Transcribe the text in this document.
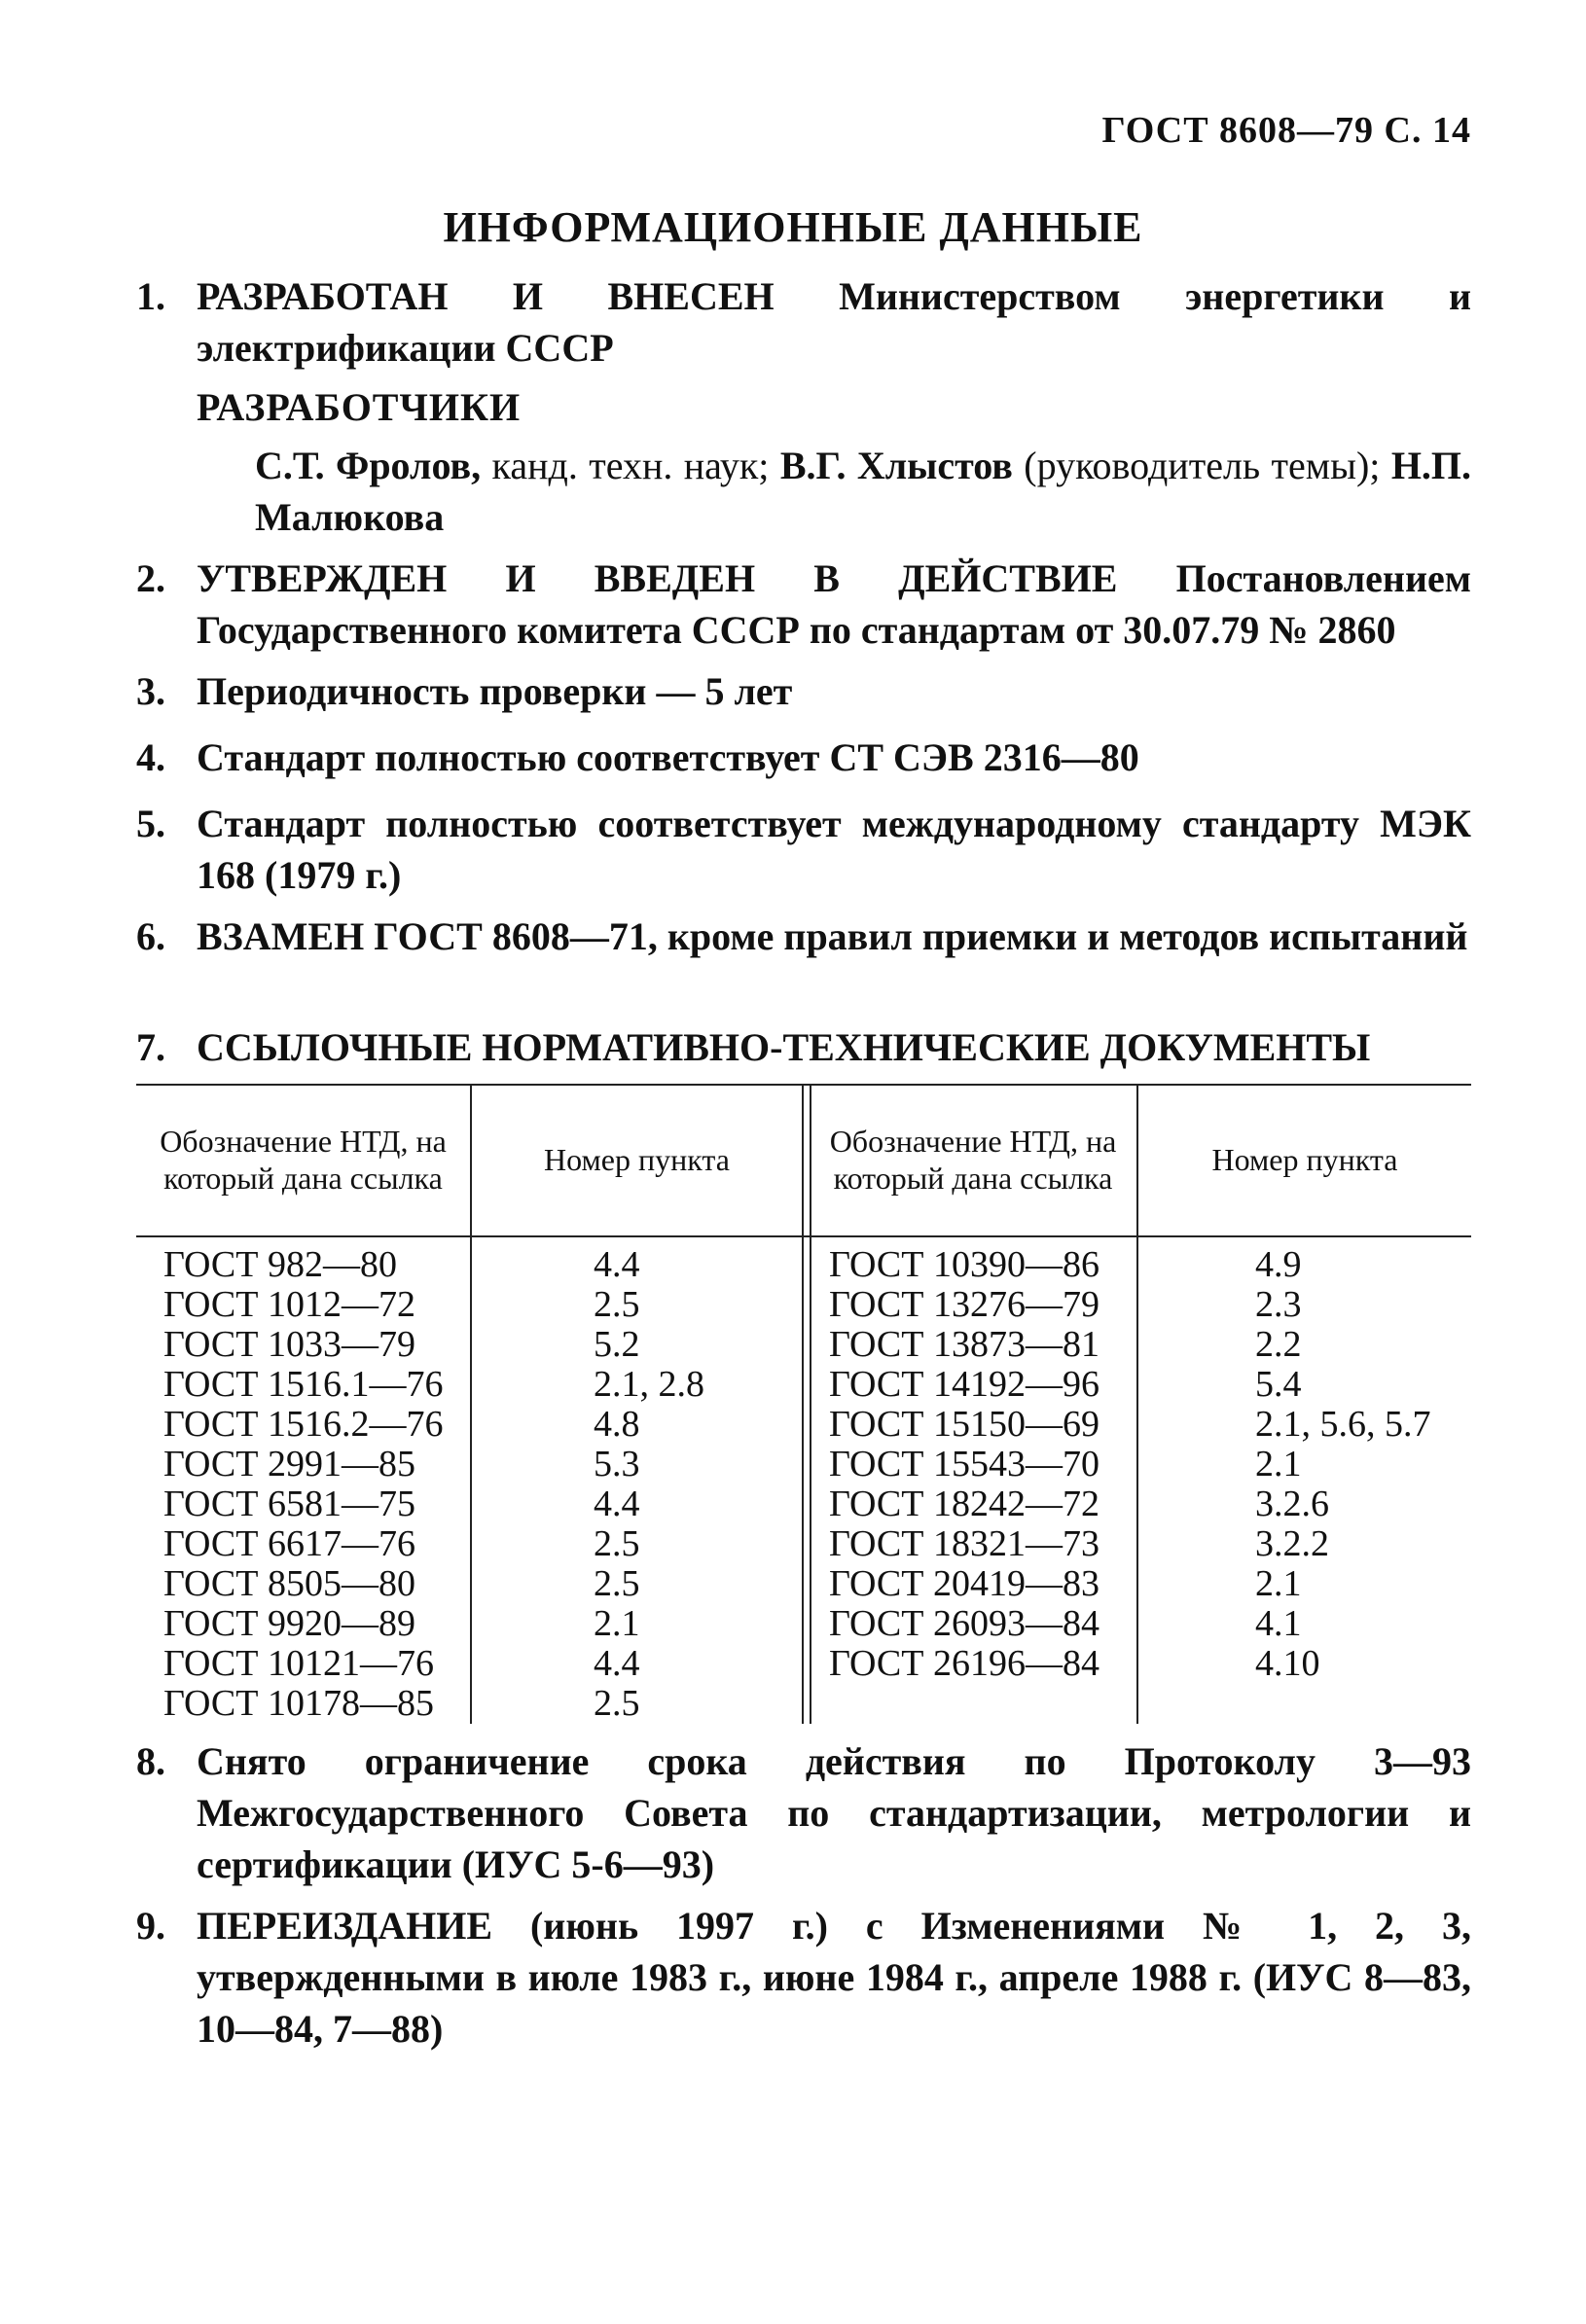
ГОСТ 8608—79 С. 14
ИНФОРМАЦИОННЫЕ ДАННЫЕ
1. РАЗРАБОТАН И ВНЕСЕН Министерством энергетики и электрификации СССР
РАЗРАБОТЧИКИ
С.Т. Фролов, канд. техн. наук; В.Г. Хлыстов (руководитель темы); Н.П. Малюкова
2. УТВЕРЖДЕН И ВВЕДЕН В ДЕЙСТВИЕ Постановлением Государственного комитета СССР по стандартам от 30.07.79 № 2860
3. Периодичность проверки — 5 лет
4. Стандарт полностью соответствует СТ СЭВ 2316—80
5. Стандарт полностью соответствует международному стандарту МЭК 168 (1979 г.)
6. ВЗАМЕН ГОСТ 8608—71, кроме правил приемки и методов испытаний
7. ССЫЛОЧНЫЕ НОРМАТИВНО-ТЕХНИЧЕСКИЕ ДОКУМЕНТЫ
Обозначение НТД, на который дана ссылка
Номер пункта
Обозначение НТД, на который дана ссылка
Номер пункта
ГОСТ 982—80
ГОСТ 1012—72
ГОСТ 1033—79
ГОСТ 1516.1—76
ГОСТ 1516.2—76
ГОСТ 2991—85
ГОСТ 6581—75
ГОСТ 6617—76
ГОСТ 8505—80
ГОСТ 9920—89
ГОСТ 10121—76
ГОСТ 10178—85
4.4
2.5
5.2
2.1, 2.8
4.8
5.3
4.4
2.5
2.5
2.1
4.4
2.5
ГОСТ 10390—86
ГОСТ 13276—79
ГОСТ 13873—81
ГОСТ 14192—96
ГОСТ 15150—69
ГОСТ 15543—70
ГОСТ 18242—72
ГОСТ 18321—73
ГОСТ 20419—83
ГОСТ 26093—84
ГОСТ 26196—84
4.9
2.3
2.2
5.4
2.1, 5.6, 5.7
2.1
3.2.6
3.2.2
2.1
4.1
4.10
8. Снято ограничение срока действия по Протоколу 3—93 Межгосударственного Совета по стандартизации, метрологии и сертификации (ИУС 5-6—93)
9. ПЕРЕИЗДАНИЕ (июнь 1997 г.) с Изменениями № 1, 2, 3, утвержденными в июле 1983 г., июне 1984 г., апреле 1988 г. (ИУС 8—83, 10—84, 7—88)
